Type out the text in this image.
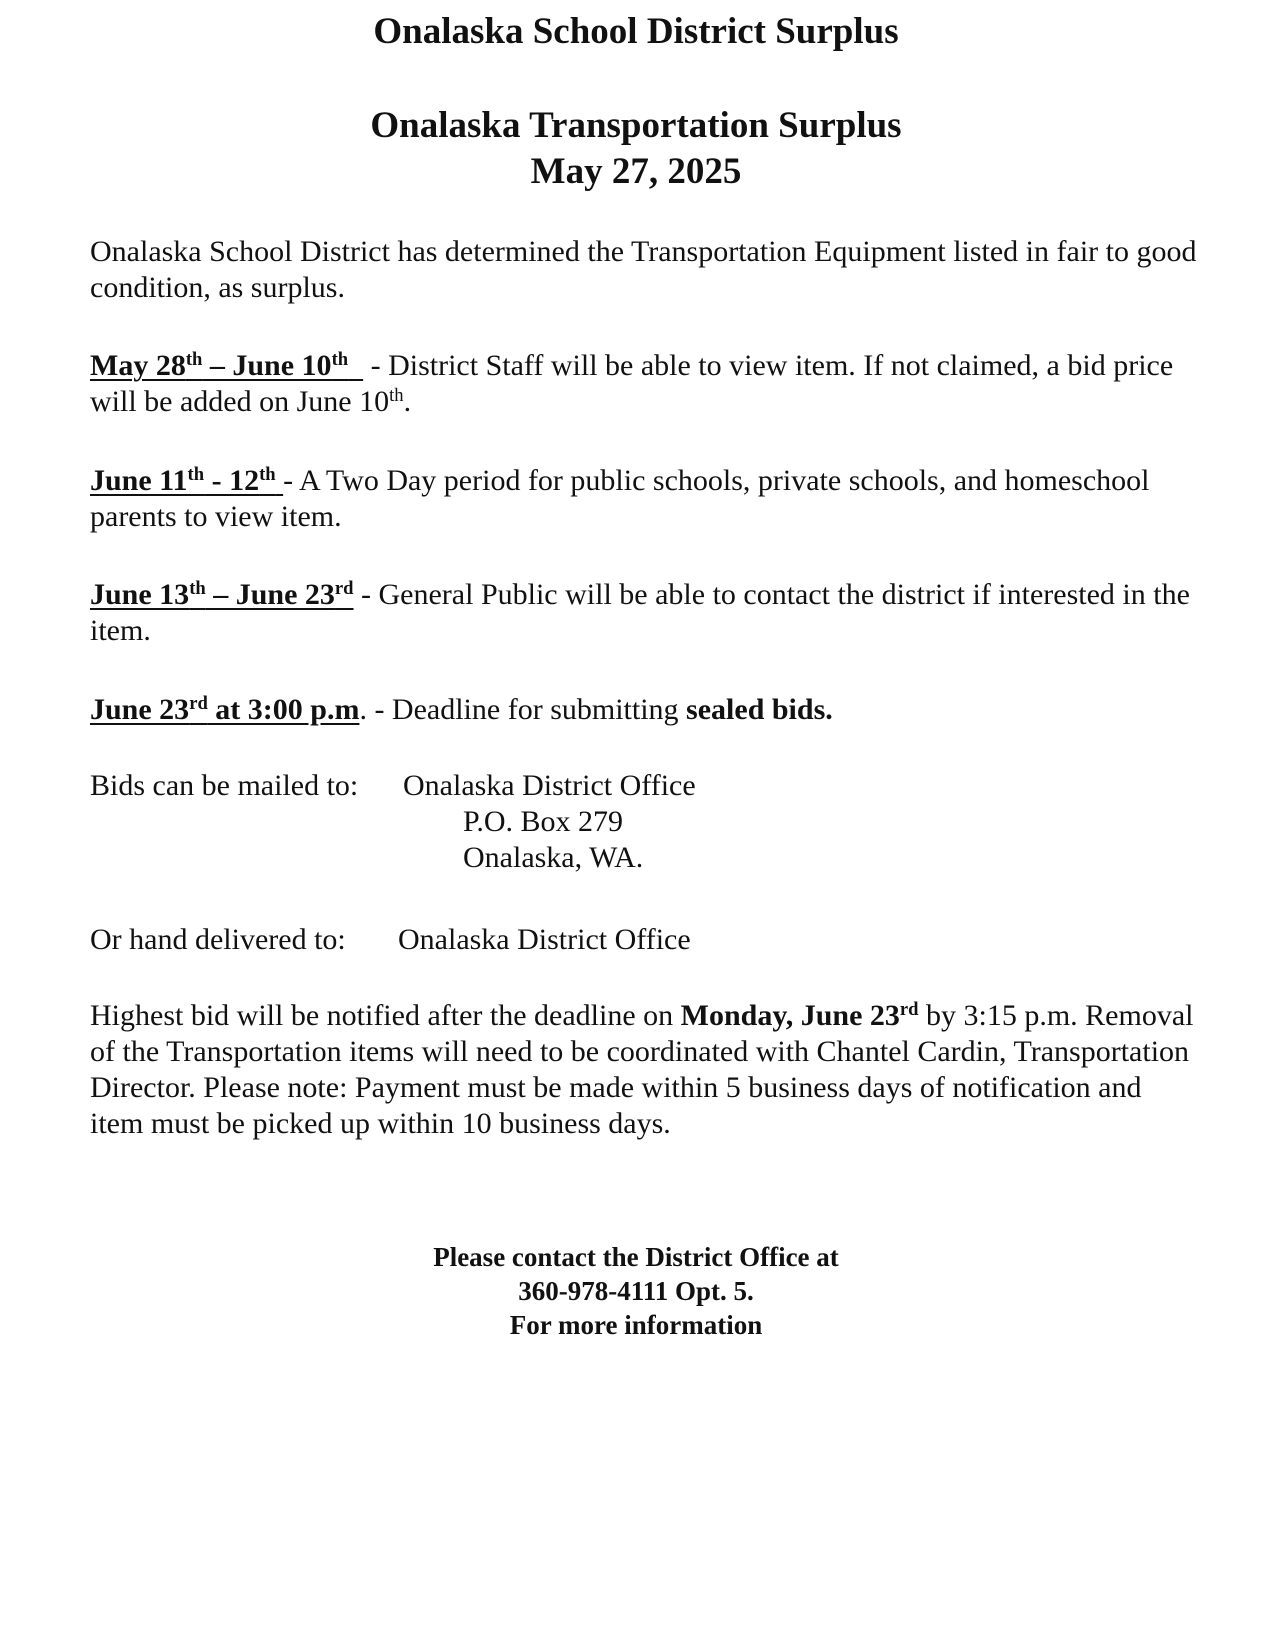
Onalaska School District Surplus
Onalaska Transportation Surplus
May 27, 2025

Onalaska School District has determined the Transportation Equipment listed in fair to good condition, as surplus.

May 28th – June 10th   - District Staff will be able to view item. If not claimed, a bid price will be added on June 10th.

June 11th - 12th - A Two Day period for public schools, private schools, and homeschool parents to view item.

June 13th – June 23rd - General Public will be able to contact the district if interested in the item.

June 23rd at 3:00 p.m. - Deadline for submitting sealed bids.

Bids can be mailed to: Onalaska District Office
P.O. Box 279
Onalaska, WA.

Or hand delivered to: Onalaska District Office

Highest bid will be notified after the deadline on Monday, June 23rd by 3:15 p.m. Removal of the Transportation items will need to be coordinated with Chantel Cardin, Transportation Director. Please note: Payment must be made within 5 business days of notification and item must be picked up within 10 business days.

Please contact the District Office at
360-978-4111 Opt. 5.
For more information
